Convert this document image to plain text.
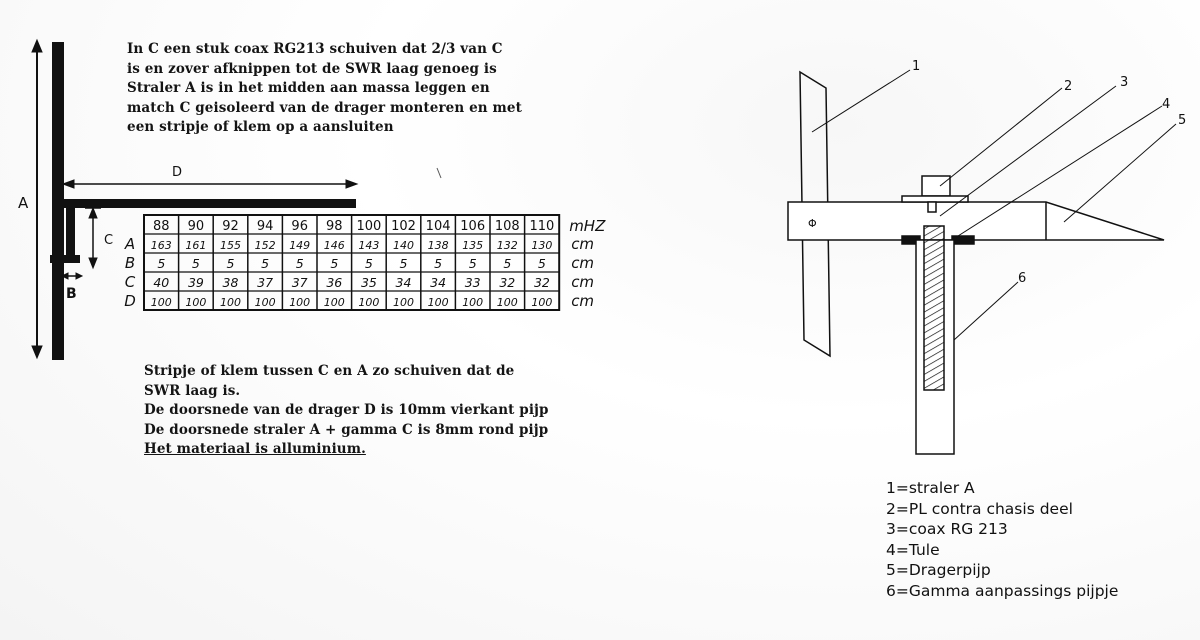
A
D
C
B
88 90 92 94 96 98 100 102 104 106 108 110 mHZ
A 163 161 155 152 149 146 143 140 138 135 132 130 cm
B 5 5 5 5 5 5 5 5 5 5 5 5 cm
C 40 39 38 37 37 36 35 34 34 33 32 32 cm
D 100 100 100 100 100 100 100 100 100 100 100 100 cm
Φ
1
2	3
4
5
6
In C een stuk coax RG213 schuiven dat 2/3 van C
is en zover afknippen tot de SWR laag genoeg is
Straler A is in het midden aan massa leggen en
match C geisoleerd van de drager monteren en met
een stripje of klem op a aansluiten
Stripje of klem tussen C en A zo schuiven dat de
SWR laag is.
De doorsnede van de drager D is 10mm vierkant pijp
De doorsnede straler A + gamma C is 8mm rond pijp
Het materiaal is alluminium.
1=straler A
2=PL contra chasis deel
3=coax RG 213
4=Tule
5=Dragerpijp
6=Gamma aanpassings pijpje
